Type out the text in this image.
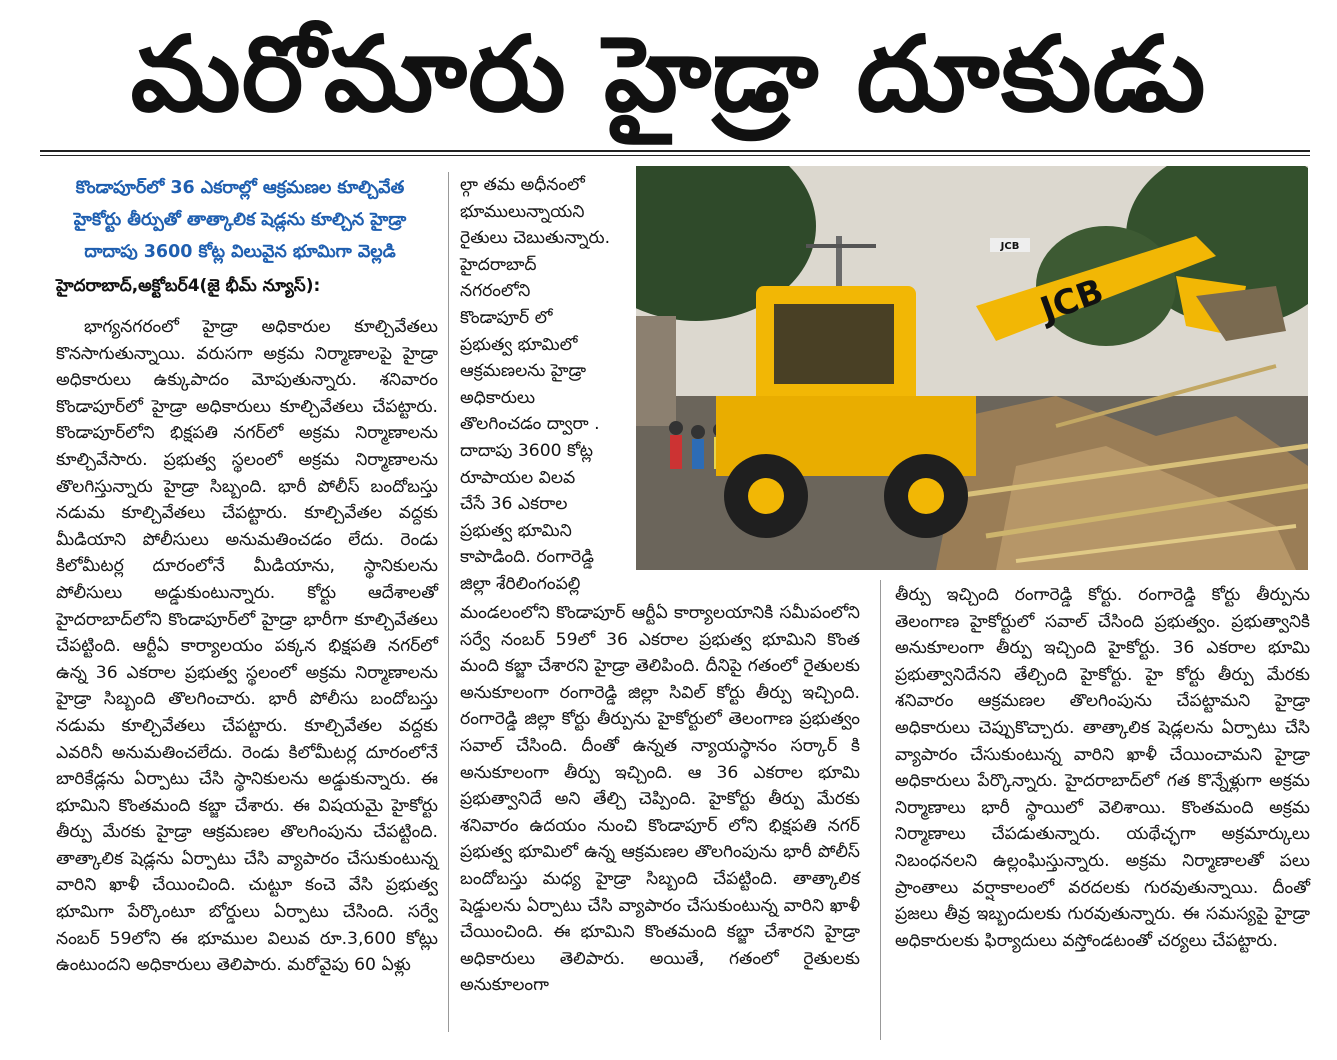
మరోమారు హైడ్రా దూకుడు
కొండాపూర్‌లో 36 ఎకరాల్లో ఆక్రమణల కూల్చివేత
హైకోర్టు తీర్పుతో తాత్కాలిక షెడ్లను కూల్చిన హైడ్రా
దాదాపు 3600 కోట్ల విలువైన భూమిగా వెల్లడి
హైదరాబాద్,అక్టోబర్4(జై భీమ్ న్యూస్):

భాగ్యనగరంలో హైడ్రా అధికారుల కూల్చివేతలు కొనసాగుతున్నాయి. వరుసగా అక్రమ నిర్మాణాలపై హైడ్రా అధికారులు ఉక్కుపాదం మోపుతున్నారు. శనివారం కొండాపూర్‌లో హైడ్రా అధికారులు కూల్చివేతలు చేపట్టారు. కొండాపూర్‌లోని భిక్షపతి నగర్‌లో అక్రమ నిర్మాణాలను కూల్చివేసారు. ప్రభుత్వ స్థలంలో అక్రమ నిర్మాణాలను తొలగిస్తున్నారు హైడ్రా సిబ్బంది. భారీ పోలీస్ బందోబస్తు నడుమ కూల్చివేతలు చేపట్టారు. కూల్చివేతల వద్దకు మీడియాని పోలీసులు అనుమతించడం లేదు. రెండు కిలోమీటర్ల దూరంలోనే మీడియాను, స్థానికులను పోలీసులు అడ్డుకుంటున్నారు. కోర్టు ఆదేశాలతో హైదరాబాద్‌లోని కొండాపూర్‌లో హైడ్రా భారీగా కూల్చివేతలు చేపట్టింది. ఆర్టీఏ కార్యాలయం పక్కన భిక్షపతి నగర్‌లో ఉన్న 36 ఎకరాల ప్రభుత్వ స్థలంలో అక్రమ నిర్మాణాలను హైడ్రా సిబ్బంది తొలగించారు. భారీ పోలీసు బందోబస్తు నడుమ కూల్చివేతలు చేపట్టారు. కూల్చివేతల వద్దకు ఎవరినీ అనుమతించలేదు. రెండు కిలోమీటర్ల దూరంలోనే బారికేడ్లను ఏర్పాటు చేసి స్థానికులను అడ్డుకున్నారు. ఈ భూమిని కొంతమంది కబ్జా చేశారు. ఈ విషయమై హైకోర్టు తీర్పు మేరకు హైడ్రా ఆక్రమణల తొలగింపును చేపట్టింది. తాత్కాలిక షెడ్లను ఏర్పాటు చేసి వ్యాపారం చేసుకుంటున్న వారిని ఖాళీ చేయించింది. చుట్టూ కంచె వేసి ప్రభుత్వ భూమిగా పేర్కొంటూ బోర్డులు ఏర్పాటు చేసింది. సర్వే నంబర్ 59లోని ఈ భూముల విలువ రూ.3,600 కోట్లు ఉంటుందని అధికారులు తెలిపారు. మరోవైపు 60 ఏళ్లు

ల్గా తమ అధీనంలో
భూములున్నాయని
రైతులు చెబుతున్నారు.
హైదరాబాద్
నగరంలోని
కొండాపూర్ లో
ప్రభుత్వ భూమిలో
ఆక్రమణలను హైడ్రా
అధికారులు
తొలగించడం ద్వారా .
దాదాపు 3600 కోట్ల
రూపాయల విలవ
చేసే 36 ఎకరాల
ప్రభుత్వ భూమిని
కాపాడింది. రంగారెడ్డి
జిల్లా శేరిలింగంపల్లి

మండలంలోని కొండాపూర్ ఆర్టీఏ కార్యాలయానికి సమీపంలోని సర్వే నంబర్ 59లో 36 ఎకరాల ప్రభుత్వ భూమిని కొంత మంది కబ్జా చేశారని హైడ్రా తెలిపింది. దీనిపై గతంలో రైతులకు అనుకూలంగా రంగారెడ్డి జిల్లా సివిల్ కోర్టు తీర్పు ఇచ్చింది. రంగారెడ్డి జిల్లా కోర్టు తీర్పును హైకోర్టులో తెలంగాణ ప్రభుత్వం సవాల్ చేసింది. దీంతో ఉన్నత న్యాయస్థానం సర్కార్ కి అనుకూలంగా తీర్పు ఇచ్చింది. ఆ 36 ఎకరాల భూమి ప్రభుత్వానిదే అని తేల్చి చెప్పింది. హైకోర్టు తీర్పు మేరకు శనివారం ఉదయం నుంచి కొండాపూర్ లోని భిక్షపతి నగర్ ప్రభుత్వ భూమిలో ఉన్న ఆక్రమణల తొలగింపును భారీ పోలీస్ బందోబస్తు మధ్య హైడ్రా సిబ్బంది చేపట్టింది. తాత్కాలిక షెడ్డులను ఏర్పాటు చేసి వ్యాపారం చేసుకుంటున్న వారిని ఖాళీ చేయించింది. ఈ భూమిని కొంతమంది కబ్జా చేశారని హైడ్రా అధికారులు తెలిపారు. అయితే, గతంలో రైతులకు అనుకూలంగా

తీర్పు ఇచ్చింది రంగారెడ్డి కోర్టు. రంగారెడ్డి కోర్టు తీర్పును తెలంగాణ హైకోర్టులో సవాల్ చేసింది ప్రభుత్వం. ప్రభుత్వానికి అనుకూలంగా తీర్పు ఇచ్చింది హైకోర్టు. 36 ఎకరాల భూమి ప్రభుత్వానిదేనని తేల్చింది హైకోర్టు. హై కోర్టు తీర్పు మేరకు శనివారం ఆక్రమణల తొలగింపును చేపట్టామని హైడ్రా అధికారులు చెప్పుకొచ్చారు. తాత్కాలిక షెడ్లలను ఏర్పాటు చేసి వ్యాపారం చేసుకుంటున్న వారిని ఖాళీ చేయించామని హైడ్రా అధికారులు పేర్కొన్నారు. హైదరాబాద్‌లో గత కొన్నేళ్లుగా అక్రమ నిర్మాణాలు భారీ స్థాయిలో వెలిశాయి. కొంతమంది అక్రమ నిర్మాణాలు చేపడుతున్నారు. యథేచ్ఛగా అక్రమార్కులు నిబంధనలని ఉల్లంఘిస్తున్నారు. అక్రమ నిర్మాణాలతో పలు ప్రాంతాలు వర్షాకాలంలో వరదలకు గురవుతున్నాయి. దీంతో ప్రజలు తీవ్ర ఇబ్బందులకు గురవుతున్నారు. ఈ సమస్యపై హైడ్రా అధికారులకు ఫిర్యాదులు వస్తోండటంతో చర్యలు చేపట్టారు.

JCB
JCB
